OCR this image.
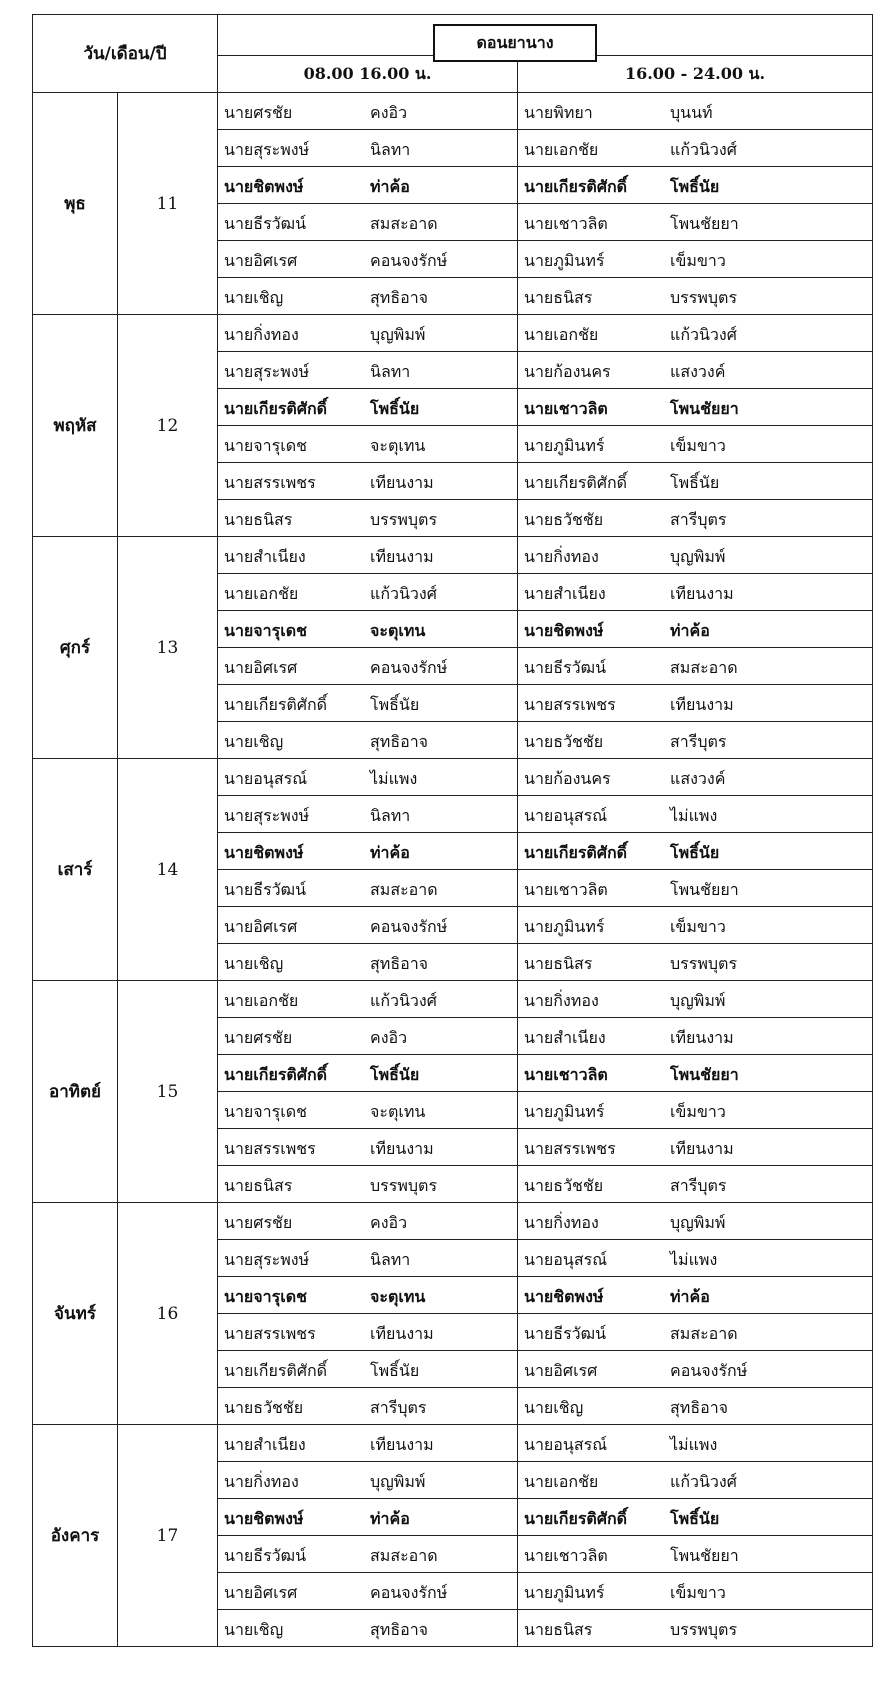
วัน/เดือน/ปี		ดอนยานาง	

		08.00 16.00 น.	16.00 - 24.00 น.
พุธ	11	นายศรชัย คงอิว	นายพิทยา บุนนท์

		นายสุระพงษ์ นิลทา	นายเอกชัย แก้วนิวงศ์

		นายชิตพงษ์ ท่าค้อ	นายเกียรติศักดิ์ โพธิ์นัย

		นายธีรวัฒน์ สมสะอาด	นายเชาวลิต โพนชัยยา

		นายอิศเรศ คอนจงรักษ์	นายภูมินทร์ เข็มขาว

		นายเชิญ สุทธิอาจ	นายธนิสร บรรพบุตร

พฤหัส	12	นายกิ่งทอง บุญพิมพ์	นายเอกชัย แก้วนิวงศ์

		นายสุระพงษ์ นิลทา	นายก้องนคร แสงวงค์

		นายเกียรติศักดิ์ โพธิ์นัย	นายเชาวลิต โพนชัยยา

		นายจารุเดช จะตุเทน	นายภูมินทร์ เข็มขาว

		นายสรรเพชร เทียนงาม	นายเกียรติศักดิ์ โพธิ์นัย

		นายธนิสร บรรพบุตร	นายธวัชชัย สารีบุตร

ศุกร์	13	นายสำเนียง เทียนงาม	นายกิ่งทอง บุญพิมพ์

		นายเอกชัย แก้วนิวงศ์	นายสำเนียง เทียนงาม

		นายจารุเดช จะตุเทน	นายชิตพงษ์ ท่าค้อ

		นายอิศเรศ คอนจงรักษ์	นายธีรวัฒน์ สมสะอาด

		นายเกียรติศักดิ์ โพธิ์นัย	นายสรรเพชร เทียนงาม

		นายเชิญ สุทธิอาจ	นายธวัชชัย สารีบุตร

เสาร์	14	นายอนุสรณ์ ไม่แพง	นายก้องนคร แสงวงค์

		นายสุระพงษ์ นิลทา	นายอนุสรณ์ ไม่แพง

		นายชิตพงษ์ ท่าค้อ	นายเกียรติศักดิ์ โพธิ์นัย

		นายธีรวัฒน์ สมสะอาด	นายเชาวลิต โพนชัยยา

		นายอิศเรศ คอนจงรักษ์	นายภูมินทร์ เข็มขาว

		นายเชิญ สุทธิอาจ	นายธนิสร บรรพบุตร

อาทิตย์	15	นายเอกชัย แก้วนิวงศ์	นายกิ่งทอง บุญพิมพ์

		นายศรชัย คงอิว	นายสำเนียง เทียนงาม

		นายเกียรติศักดิ์ โพธิ์นัย	นายเชาวลิต โพนชัยยา

		นายจารุเดช จะตุเทน	นายภูมินทร์ เข็มขาว

		นายสรรเพชร เทียนงาม	นายสรรเพชร เทียนงาม

		นายธนิสร บรรพบุตร	นายธวัชชัย สารีบุตร

จันทร์	16	นายศรชัย คงอิว	นายกิ่งทอง บุญพิมพ์

		นายสุระพงษ์ นิลทา	นายอนุสรณ์ ไม่แพง

		นายจารุเดช จะตุเทน	นายชิตพงษ์ ท่าค้อ

		นายสรรเพชร เทียนงาม	นายธีรวัฒน์ สมสะอาด

		นายเกียรติศักดิ์ โพธิ์นัย	นายอิศเรศ คอนจงรักษ์

		นายธวัชชัย สารีบุตร	นายเชิญ สุทธิอาจ

อังคาร	17	นายสำเนียง เทียนงาม	นายอนุสรณ์ ไม่แพง

		นายกิ่งทอง บุญพิมพ์	นายเอกชัย แก้วนิวงศ์

		นายชิตพงษ์ ท่าค้อ	นายเกียรติศักดิ์ โพธิ์นัย

		นายธีรวัฒน์ สมสะอาด	นายเชาวลิต โพนชัยยา

		นายอิศเรศ คอนจงรักษ์	นายภูมินทร์ เข็มขาว

		นายเชิญ สุทธิอาจ	นายธนิสร บรรพบุตร
